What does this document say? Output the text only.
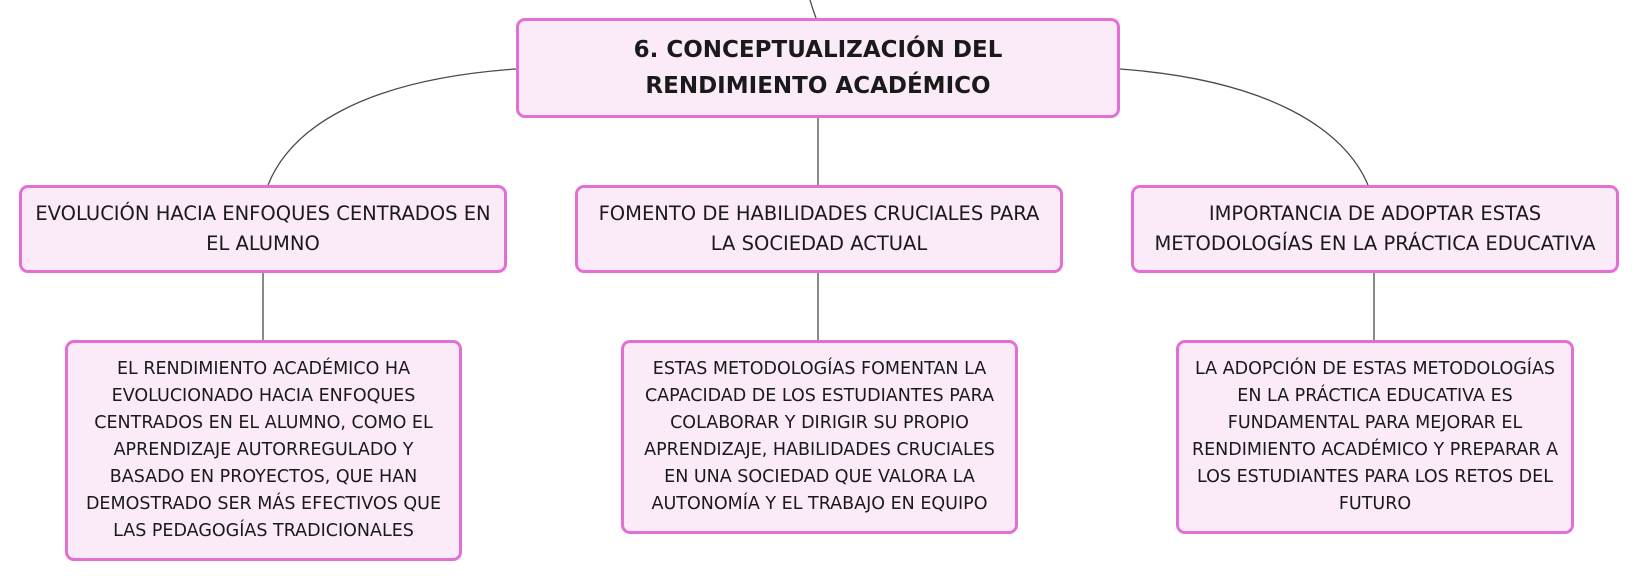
6. CONCEPTUALIZACIÓN DEL RENDIMIENTO ACADÉMICO
EVOLUCIÓN HACIA ENFOQUES CENTRADOS EN EL ALUMNO
FOMENTO DE HABILIDADES CRUCIALES PARA LA SOCIEDAD ACTUAL
IMPORTANCIA DE ADOPTAR ESTAS METODOLOGÍAS EN LA PRÁCTICA EDUCATIVA
EL RENDIMIENTO ACADÉMICO HA EVOLUCIONADO HACIA ENFOQUES CENTRADOS EN EL ALUMNO, COMO EL APRENDIZAJE AUTORREGULADO Y BASADO EN PROYECTOS, QUE HAN DEMOSTRADO SER MÁS EFECTIVOS QUE LAS PEDAGOGÍAS TRADICIONALES
ESTAS METODOLOGÍAS FOMENTAN LA CAPACIDAD DE LOS ESTUDIANTES PARA COLABORAR Y DIRIGIR SU PROPIO APRENDIZAJE, HABILIDADES CRUCIALES EN UNA SOCIEDAD QUE VALORA LA AUTONOMÍA Y EL TRABAJO EN EQUIPO
LA ADOPCIÓN DE ESTAS METODOLOGÍAS EN LA PRÁCTICA EDUCATIVA ES FUNDAMENTAL PARA MEJORAR EL RENDIMIENTO ACADÉMICO Y PREPARAR A LOS ESTUDIANTES PARA LOS RETOS DEL FUTURO
